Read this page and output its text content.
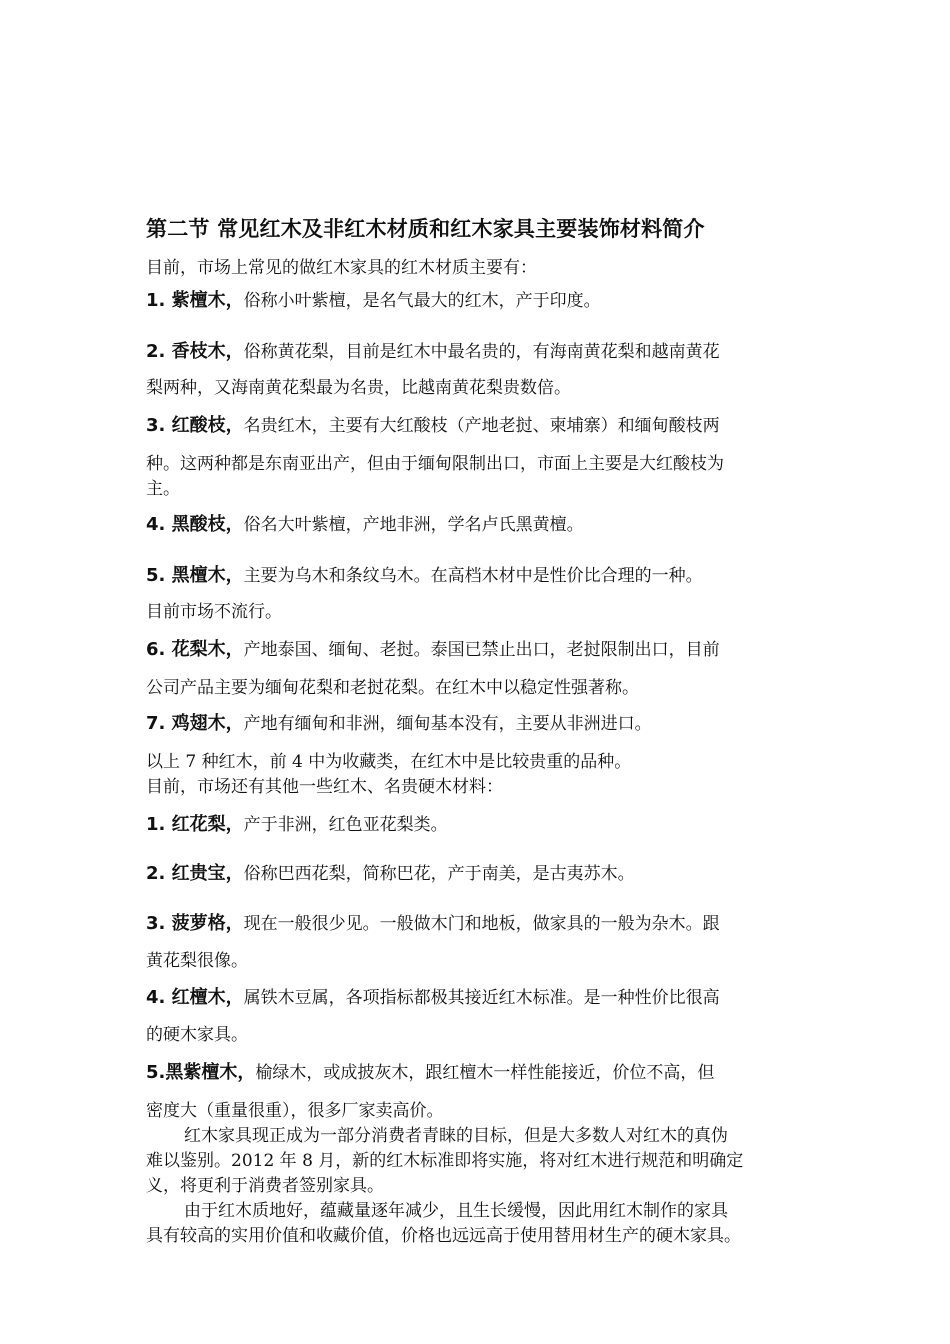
第二节 常见红木及非红木材质和红木家具主要装饰材料简介
目前，市场上常见的做红木家具的红木材质主要有：
1. 紫檀木，俗称小叶紫檀，是名气最大的红木，产于印度。
2. 香枝木，俗称黄花梨，目前是红木中最名贵的，有海南黄花梨和越南黄花
梨两种，又海南黄花梨最为名贵，比越南黄花梨贵数倍。
3. 红酸枝，名贵红木，主要有大红酸枝（产地老挝、柬埔寨）和缅甸酸枝两
种。这两种都是东南亚出产，但由于缅甸限制出口，市面上主要是大红酸枝为
主。
4. 黑酸枝，俗名大叶紫檀，产地非洲，学名卢氏黑黄檀。
5. 黑檀木，主要为乌木和条纹乌木。在高档木材中是性价比合理的一种。
目前市场不流行。
6. 花梨木，产地泰国、缅甸、老挝。泰国已禁止出口，老挝限制出口，目前
公司产品主要为缅甸花梨和老挝花梨。在红木中以稳定性强著称。
7. 鸡翅木，产地有缅甸和非洲，缅甸基本没有，主要从非洲进口。
以上 7 种红木，前 4 中为收藏类，在红木中是比较贵重的品种。
目前，市场还有其他一些红木、名贵硬木材料：
1. 红花梨，产于非洲，红色亚花梨类。
2. 红贵宝，俗称巴西花梨，简称巴花，产于南美，是古夷苏木。
3. 菠萝格，现在一般很少见。一般做木门和地板，做家具的一般为杂木。跟
黄花梨很像。
4. 红檀木，属铁木豆属，各项指标都极其接近红木标准。是一种性价比很高
的硬木家具。
5.黑紫檀木，榆绿木，或成披灰木，跟红檀木一样性能接近，价位不高，但
密度大（重量很重），很多厂家卖高价。
红木家具现正成为一部分消费者青睐的目标，但是大多数人对红木的真伪
难以鉴别。2012 年 8 月，新的红木标准即将实施，将对红木进行规范和明确定
义，将更利于消费者签别家具。
由于红木质地好，蕴藏量逐年减少，且生长缓慢，因此用红木制作的家具
具有较高的实用价值和收藏价值，价格也远远高于使用替用材生产的硬木家具。
